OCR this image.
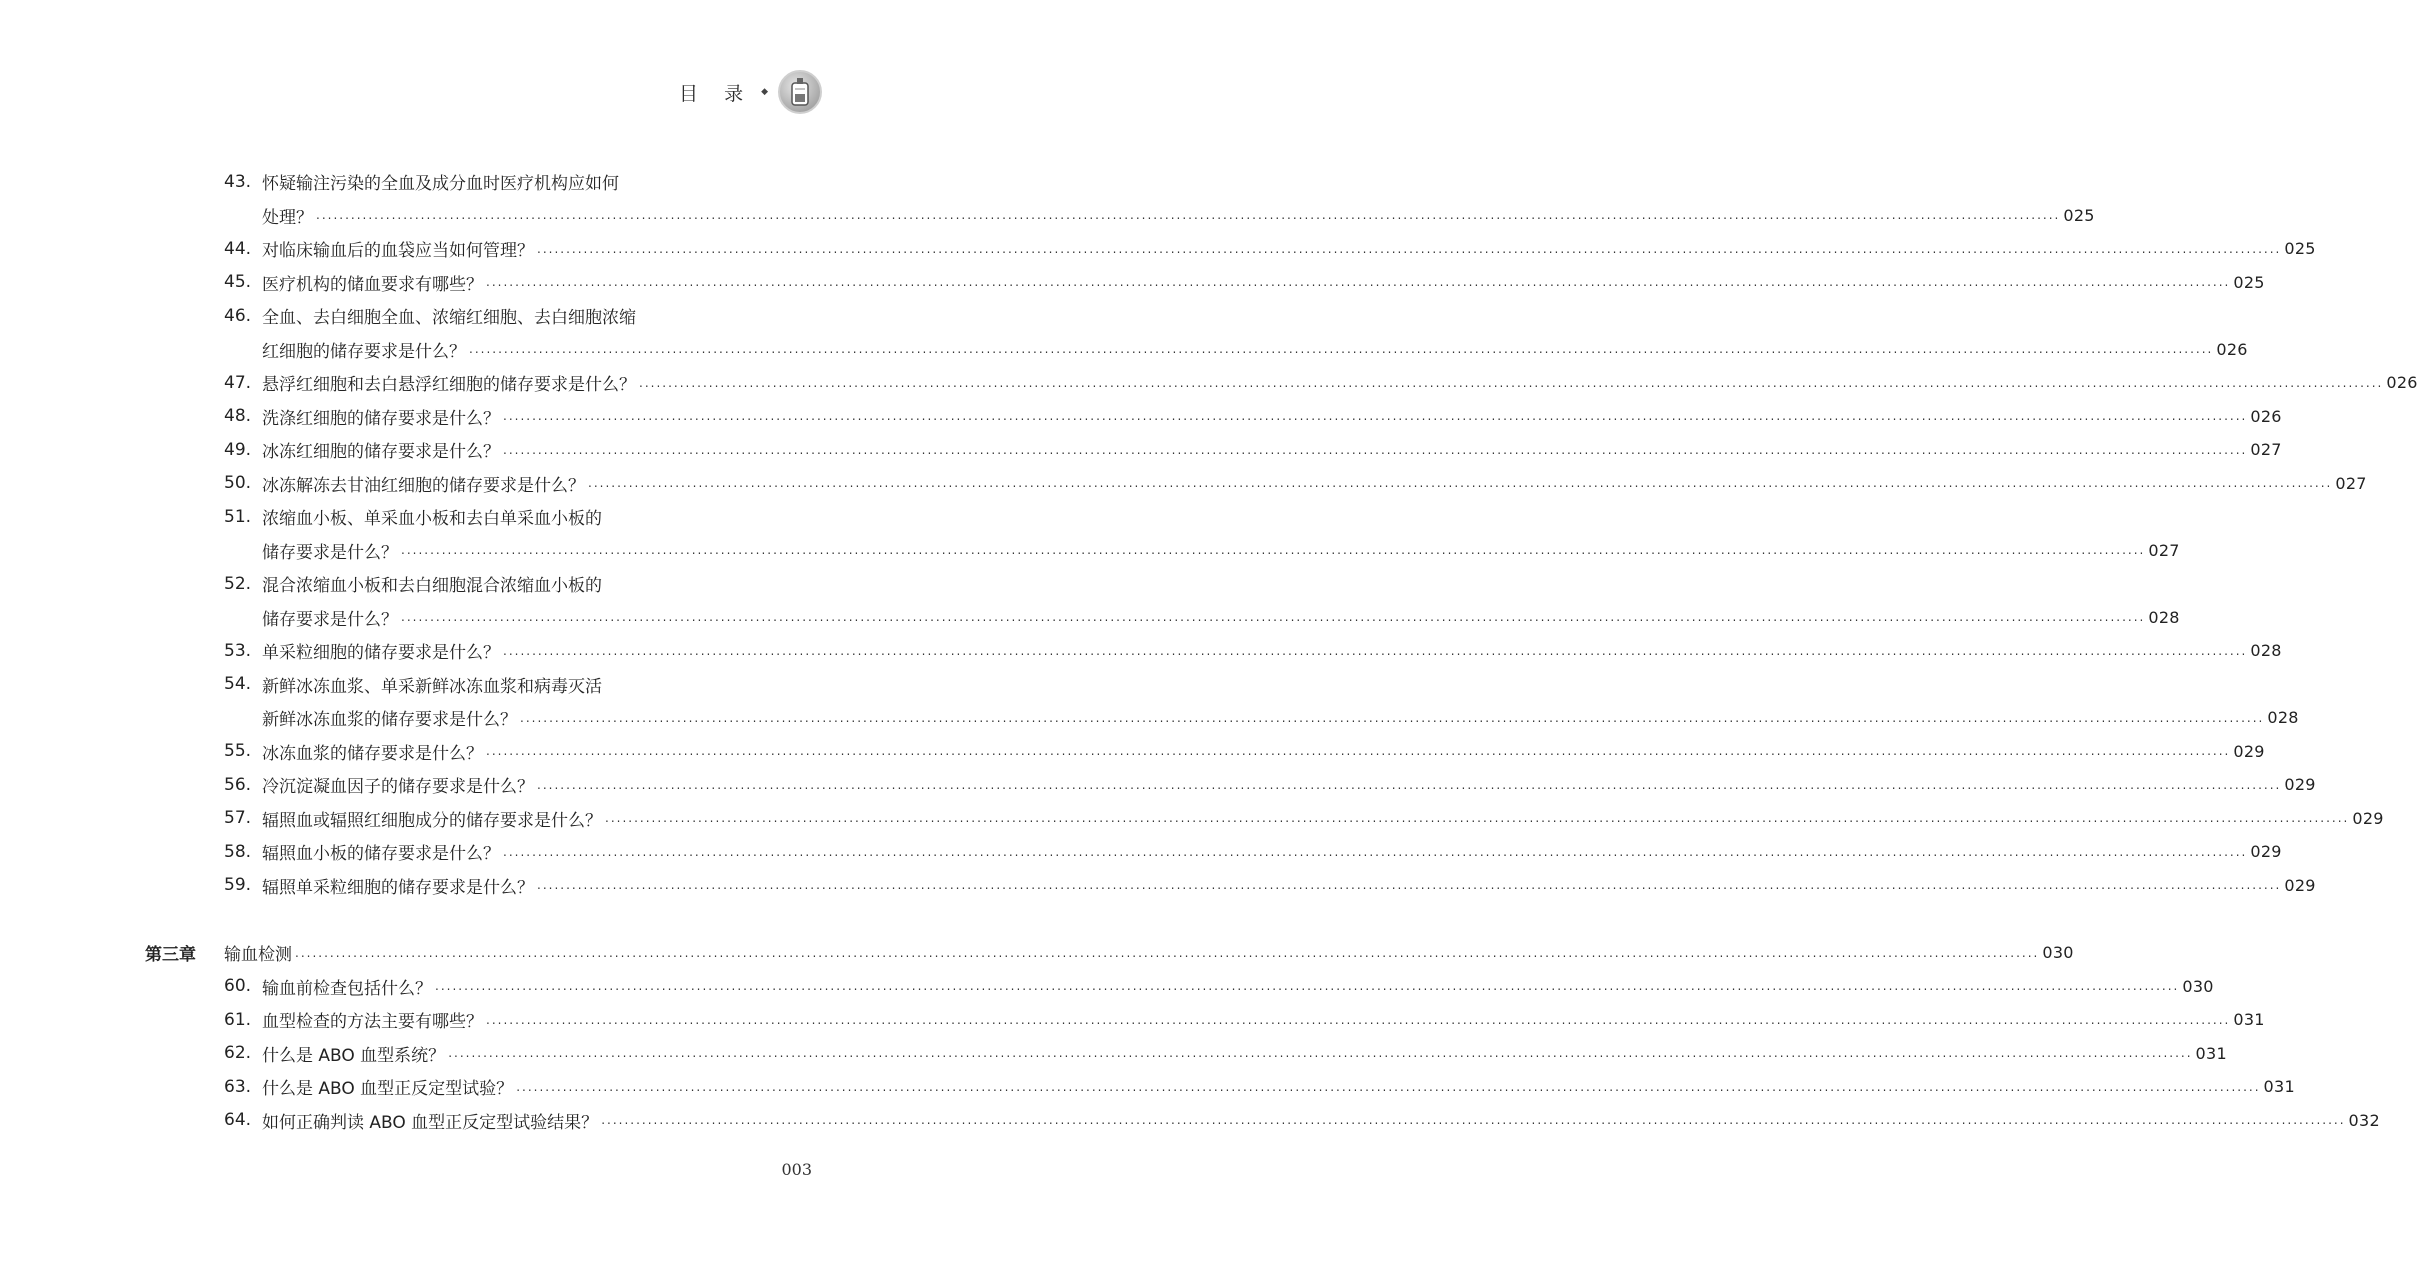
目 录 ◆
43. 怀疑输注污染的全血及成分血时医疗机构应如何
处理？ ............................................................................................................................................................................................................................................................................................................ 025
44. 对临床输血后的血袋应当如何管理？ ............................................................................................................................................................................................................................................................................................................ 025
45. 医疗机构的储血要求有哪些？ ............................................................................................................................................................................................................................................................................................................ 025
46. 全血、去白细胞全血、浓缩红细胞、去白细胞浓缩
红细胞的储存要求是什么？ ............................................................................................................................................................................................................................................................................................................ 026
47. 悬浮红细胞和去白悬浮红细胞的储存要求是什么？ ............................................................................................................................................................................................................................................................................................................ 026
48. 洗涤红细胞的储存要求是什么？ ............................................................................................................................................................................................................................................................................................................ 026
49. 冰冻红细胞的储存要求是什么？ ............................................................................................................................................................................................................................................................................................................ 027
50. 冰冻解冻去甘油红细胞的储存要求是什么？ ............................................................................................................................................................................................................................................................................................................ 027
51. 浓缩血小板、单采血小板和去白单采血小板的
储存要求是什么？ ............................................................................................................................................................................................................................................................................................................ 027
52. 混合浓缩血小板和去白细胞混合浓缩血小板的
储存要求是什么？ ............................................................................................................................................................................................................................................................................................................ 028
53. 单采粒细胞的储存要求是什么？ ............................................................................................................................................................................................................................................................................................................ 028
54. 新鲜冰冻血浆、单采新鲜冰冻血浆和病毒灭活
新鲜冰冻血浆的储存要求是什么？ ............................................................................................................................................................................................................................................................................................................ 028
55. 冰冻血浆的储存要求是什么？ ............................................................................................................................................................................................................................................................................................................ 029
56. 冷沉淀凝血因子的储存要求是什么？ ............................................................................................................................................................................................................................................................................................................ 029
57. 辐照血或辐照红细胞成分的储存要求是什么？ ............................................................................................................................................................................................................................................................................................................ 029
58. 辐照血小板的储存要求是什么？ ............................................................................................................................................................................................................................................................................................................ 029
59. 辐照单采粒细胞的储存要求是什么？ ............................................................................................................................................................................................................................................................................................................ 029
第三章 输血检测 ............................................................................................................................................................................................................................................................................................................ 030
60. 输血前检查包括什么？ ............................................................................................................................................................................................................................................................................................................ 030
61. 血型检查的方法主要有哪些？ ............................................................................................................................................................................................................................................................................................................ 031
62. 什么是 ABO 血型系统？ ............................................................................................................................................................................................................................................................................................................ 031
63. 什么是 ABO 血型正反定型试验？ ............................................................................................................................................................................................................................................................................................................ 031
64. 如何正确判读 ABO 血型正反定型试验结果？ ............................................................................................................................................................................................................................................................................................................ 032
003
